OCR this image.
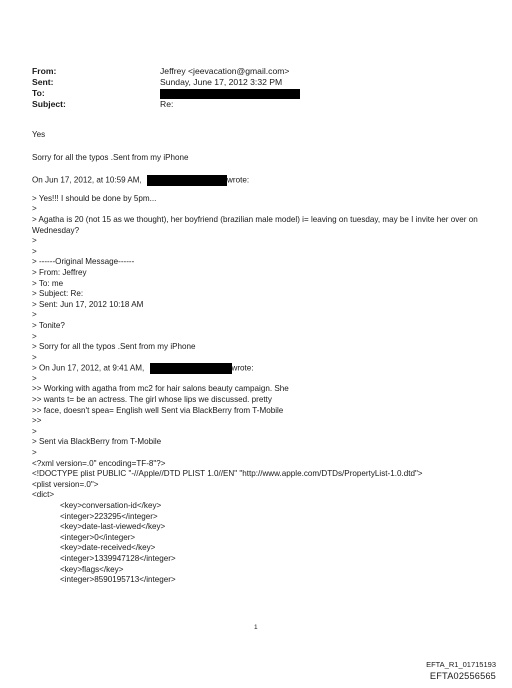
From:	Jeffrey <jeevacation@gmail.com>
Sent:	Sunday, June 17, 2012 3:32 PM
To:
Subject:	Re:
Yes
Sorry for all the typos .Sent from my iPhone
On Jun 17, 2012, at 10:59 AM,	wrote:
> Yes!!! I should be done by 5pm...
>
> Agatha is 20 (not 15 as we thought), her boyfriend (brazilian male model) i= leaving on tuesday, may be I invite her over on Wednesday?
>
>
> ------Original Message------
> From: Jeffrey
> To: me
> Subject: Re:
> Sent: Jun 17, 2012 10:18 AM
>
> Tonite?
>
> Sorry for all the typos .Sent from my iPhone
>
> On Jun 17, 2012, at 9:41 AM,	wrote:
>
>> Working with agatha from mc2 for hair salons beauty campaign. She
>> wants t= be an actress. The girl whose lips we discussed. pretty
>> face, doesn't spea= English well Sent via BlackBerry from T-Mobile
>>
>
> Sent via BlackBerry from T-Mobile
>
<?xml version=.0" encoding=TF-8"?>
<!DOCTYPE plist PUBLIC "-//Apple//DTD PLIST 1.0//EN" "http://www.apple.com/DTDs/PropertyList-1.0.dtd">
<plist version=.0">
<dict>
<key>conversation-id</key>
<integer>223295</integer>
<key>date-last-viewed</key>
<integer>0</integer>
<key>date-received</key>
<integer>1339947128</integer>
<key>flags</key>
<integer>8590195713</integer>
1
EFTA_R1_01715193
EFTA02556565
